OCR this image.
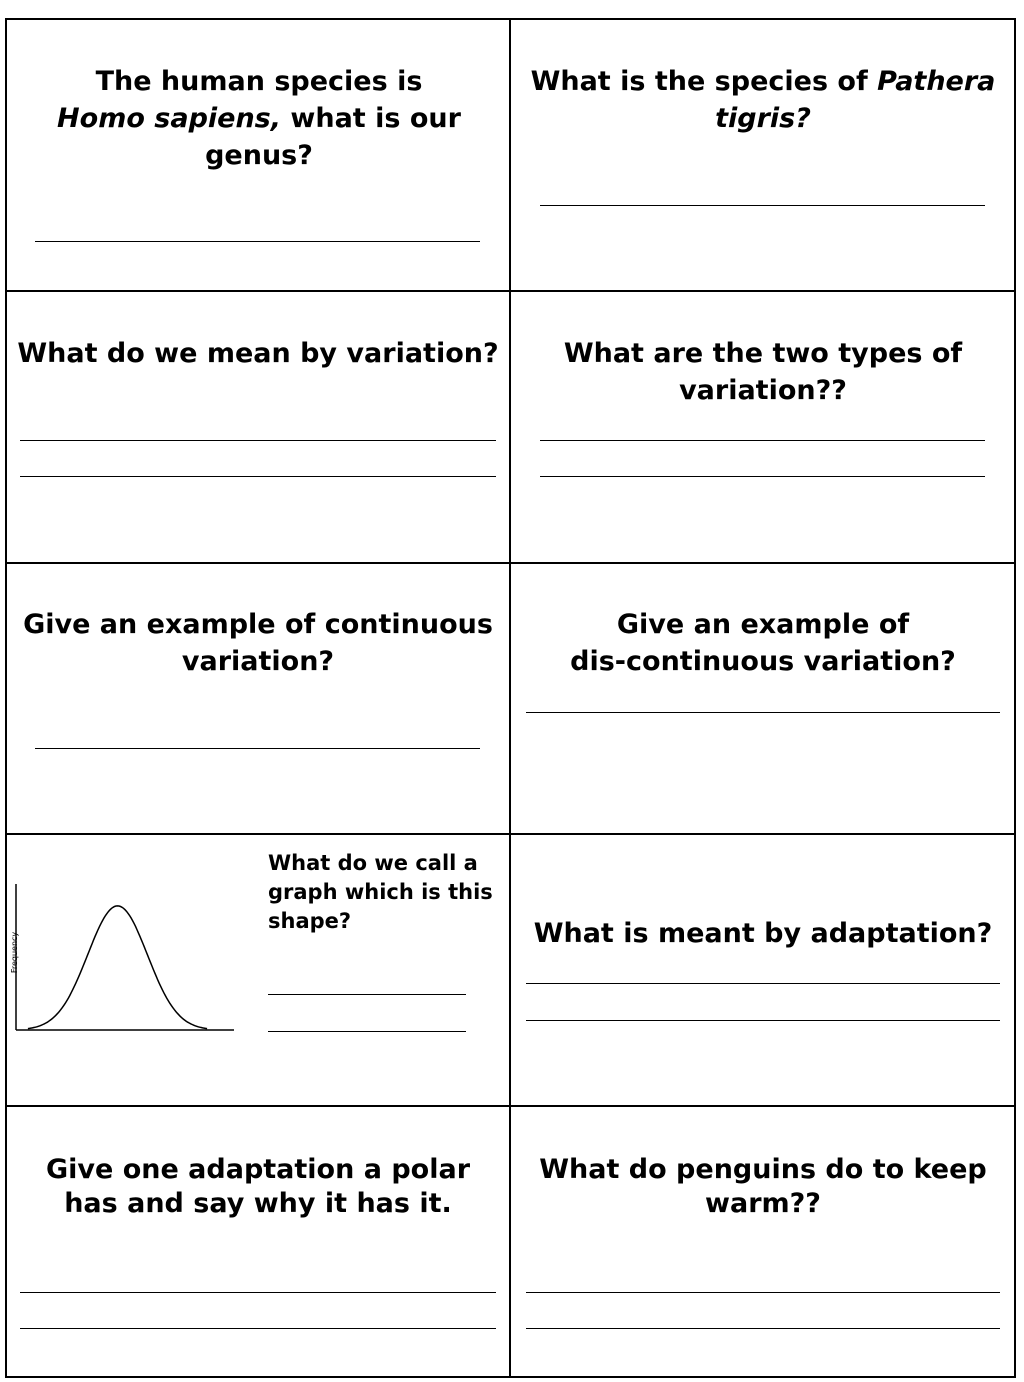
The human species is
Homo sapiens, what is our genus?

What is the species of Pathera tigris?

What do we mean by variation?	What are the two types of variation??

Give an example of continuous variation?

Give an example of
dis-continuous variation?

Frequency

What do we call a graph which is this shape?	What is meant by adaptation?

Give one adaptation a polar has and say why it has it.

What do penguins do to keep warm??
